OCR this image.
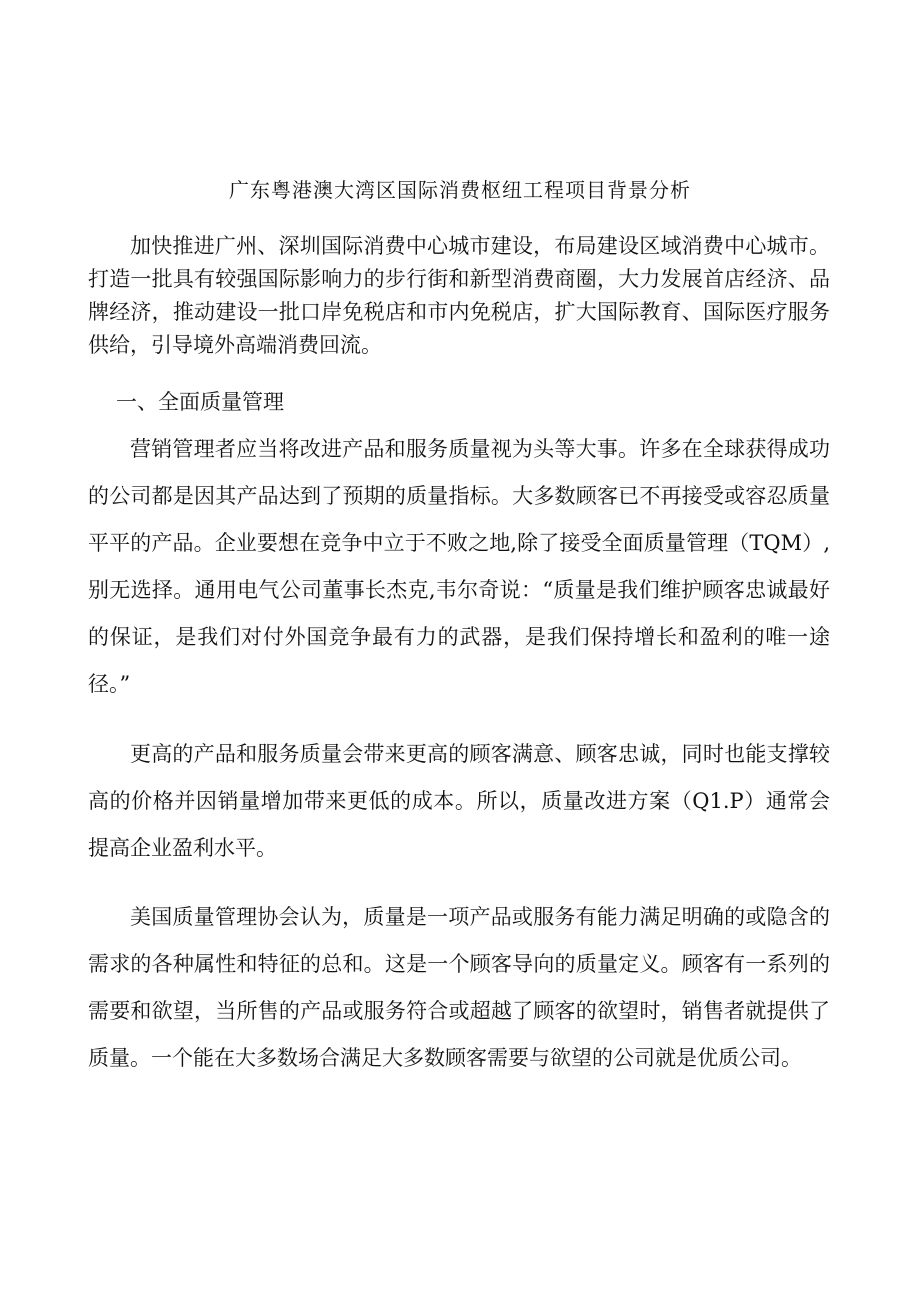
广东粤港澳大湾区国际消费枢纽工程项目背景分析

加快推进广州、深圳国际消费中心城市建设，布局建设区域消费中心城市。打造一批具有较强国际影响力的步行街和新型消费商圈，大力发展首店经济、品牌经济，推动建设一批口岸免税店和市内免税店，扩大国际教育、国际医疗服务供给，引导境外高端消费回流。

一、全面质量管理

营销管理者应当将改进产品和服务质量视为头等大事。许多在全球获得成功的公司都是因其产品达到了预期的质量指标。大多数顾客已不再接受或容忍质量平平的产品。企业要想在竞争中立于不败之地,除了接受全面质量管理（TQM）,别无选择。通用电气公司董事长杰克,韦尔奇说：“质量是我们维护顾客忠诚最好的保证，是我们对付外国竞争最有力的武器，是我们保持增长和盈利的唯一途径。”

更高的产品和服务质量会带来更高的顾客满意、顾客忠诚，同时也能支撑较高的价格并因销量增加带来更低的成本。所以，质量改进方案（Q1.P）通常会提高企业盈利水平。

美国质量管理协会认为，质量是一项产品或服务有能力满足明确的或隐含的需求的各种属性和特征的总和。这是一个顾客导向的质量定义。顾客有一系列的需要和欲望，当所售的产品或服务符合或超越了顾客的欲望时，销售者就提供了质量。一个能在大多数场合满足大多数顾客需要与欲望的公司就是优质公司。
